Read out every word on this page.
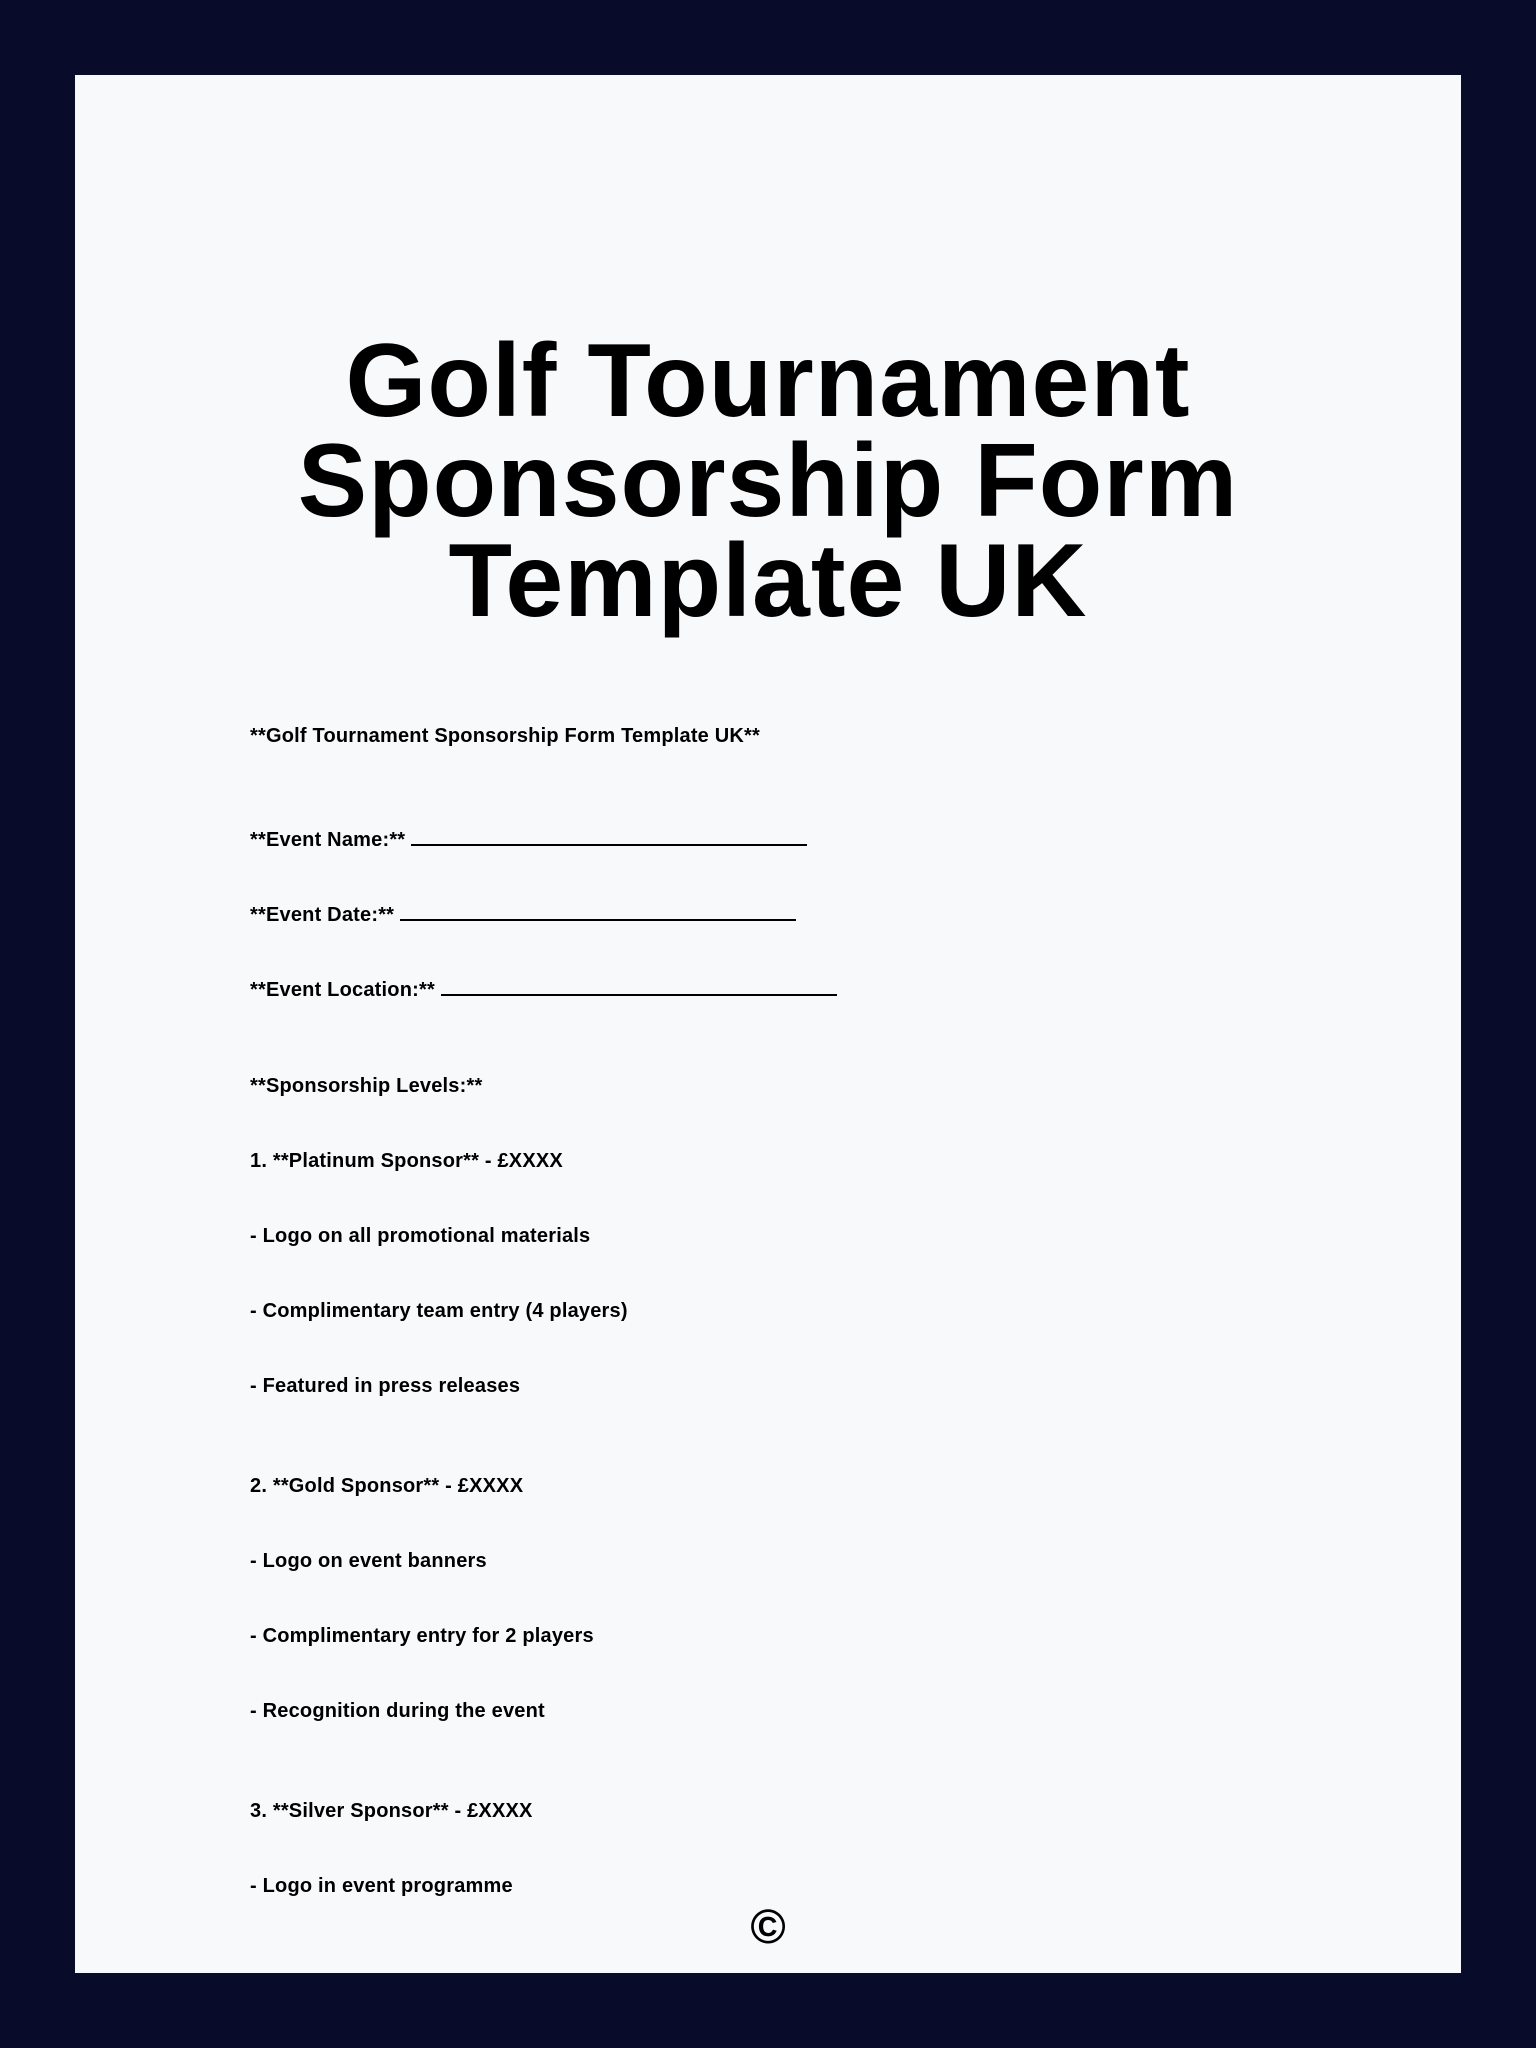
Golf Tournament Sponsorship Form Template UK
**Golf Tournament Sponsorship Form Template UK**
**Event Name:**
**Event Date:**
**Event Location:**
**Sponsorship Levels:**
1. **Platinum Sponsor** - £XXXX
- Logo on all promotional materials
- Complimentary team entry (4 players)
- Featured in press releases
2. **Gold Sponsor** - £XXXX
- Logo on event banners
- Complimentary entry for 2 players
- Recognition during the event
3. **Silver Sponsor** - £XXXX
- Logo in event programme
©
